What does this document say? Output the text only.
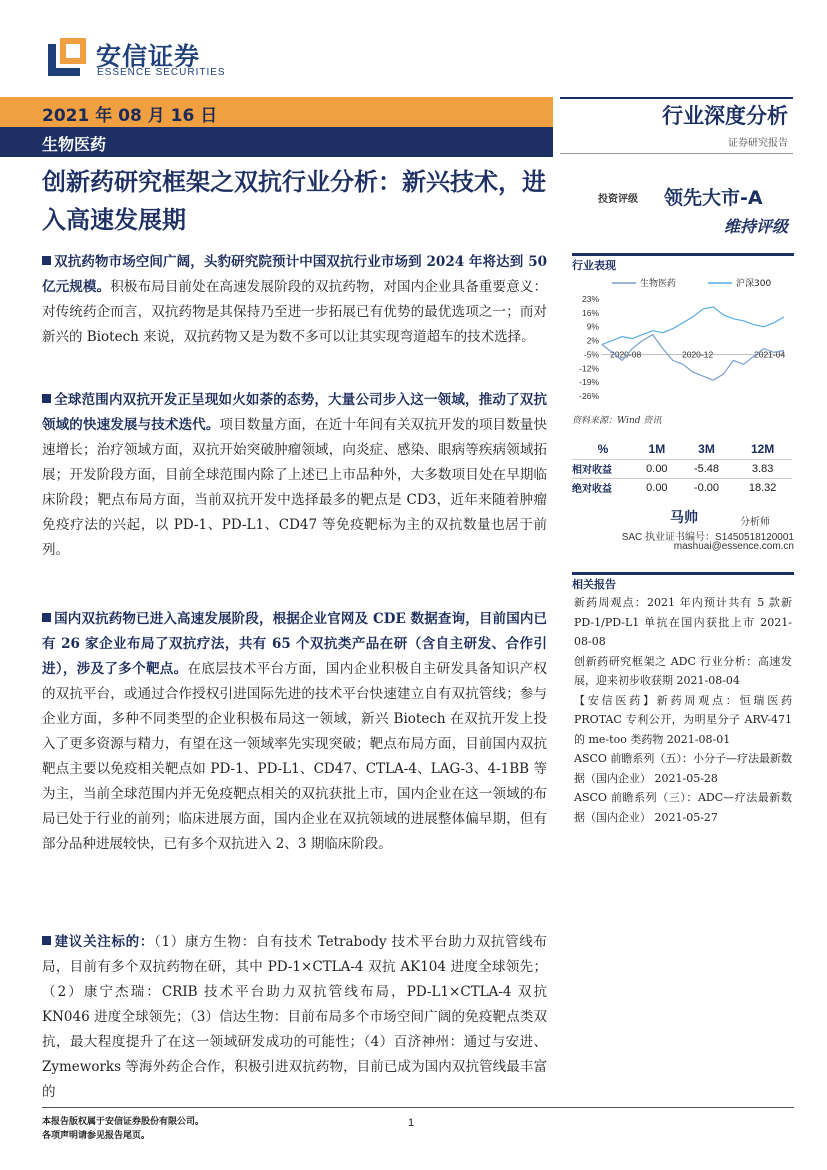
安信证券
ESSENCE SECURITIES
2021 年 08 月 16 日
生物医药
行业深度分析
证券研究报告
创新药研究框架之双抗行业分析：新兴技术，进入高速发展期
投资评级 领先大市-A
维持评级
双抗药物市场空间广阔，头豹研究院预计中国双抗行业市场到 2024 年将达到 50 亿元规模。积极布局目前处在高速发展阶段的双抗药物，对国内企业具备重要意义：对传统药企而言，双抗药物是其保持乃至进一步拓展已有优势的最优选项之一；而对新兴的 Biotech 来说，双抗药物又是为数不多可以让其实现弯道超车的技术选择。
全球范围内双抗开发正呈现如火如荼的态势，大量公司步入这一领域，推动了双抗领域的快速发展与技术迭代。项目数量方面，在近十年间有关双抗开发的项目数量快速增长；治疗领域方面，双抗开始突破肿瘤领域，向炎症、感染、眼病等疾病领域拓展；开发阶段方面，目前全球范围内除了上述已上市品种外，大多数项目处在早期临床阶段；靶点布局方面，当前双抗开发中选择最多的靶点是 CD3，近年来随着肿瘤免疫疗法的兴起，以 PD-1、PD-L1、CD47 等免疫靶标为主的双抗数量也居于前列。
国内双抗药物已进入高速发展阶段，根据企业官网及 CDE 数据查询，目前国内已有 26 家企业布局了双抗疗法，共有 65 个双抗类产品在研（含自主研发、合作引进），涉及了多个靶点。在底层技术平台方面，国内企业积极自主研发具备知识产权的双抗平台，或通过合作授权引进国际先进的技术平台快速建立自有双抗管线；参与企业方面，多种不同类型的企业积极布局这一领域，新兴 Biotech 在双抗开发上投入了更多资源与精力，有望在这一领域率先实现突破；靶点布局方面，目前国内双抗靶点主要以免疫相关靶点如 PD-1、PD-L1、CD47、CTLA-4、LAG-3、4-1BB 等为主，当前全球范围内并无免疫靶点相关的双抗获批上市，国内企业在这一领域的布局已处于行业的前列；临床进展方面，国内企业在双抗领域的进展整体偏早期，但有部分品种进展较快，已有多个双抗进入 2、3 期临床阶段。
建议关注标的：（1）康方生物：自有技术 Tetrabody 技术平台助力双抗管线布局，目前有多个双抗药物在研，其中 PD-1×CTLA-4 双抗 AK104 进度全球领先；（2）康宁杰瑞：CRIB 技术平台助力双抗管线布局，PD-L1×CTLA-4 双抗 KN046 进度全球领先；（3）信达生物：目前布局多个市场空间广阔的免疫靶点类双抗，最大程度提升了在这一领域研发成功的可能性；（4）百济神州：通过与安进、Zymeworks 等海外药企合作，积极引进双抗药物，目前已成为国内双抗管线最丰富的
行业表现
生物医药	沪深300
23%
16%
9%
2%
-5%
-12%
-19%
-26%
2020-08	2020-12	2021-04
资料来源：Wind 资讯
%	1M	3M	12M
相对收益	0.00	-5.48	3.83
绝对收益	0.00	-0.00	18.32
马帅	分析师
SAC 执业证书编号：S1450518120001
mashuai@essence.com.cn
相关报告
新药周观点：2021 年内预计共有 5 款新 PD-1/PD-L1 单抗在国内获批上市 2021-08-08
创新药研究框架之 ADC 行业分析：高速发展，迎来初步收获期 2021-08-04
【安信医药】新药周观点：恒瑞医药 PROTAC 专利公开，为明星分子 ARV-471 的 me-too 类药物 2021-08-01
ASCO 前瞻系列（五）：小分子—疗法最新数据（国内企业） 2021-05-28
ASCO 前瞻系列（三）：ADC—疗法最新数据（国内企业） 2021-05-27
本报告版权属于安信证券股份有限公司。
各项声明请参见报告尾页。
1
